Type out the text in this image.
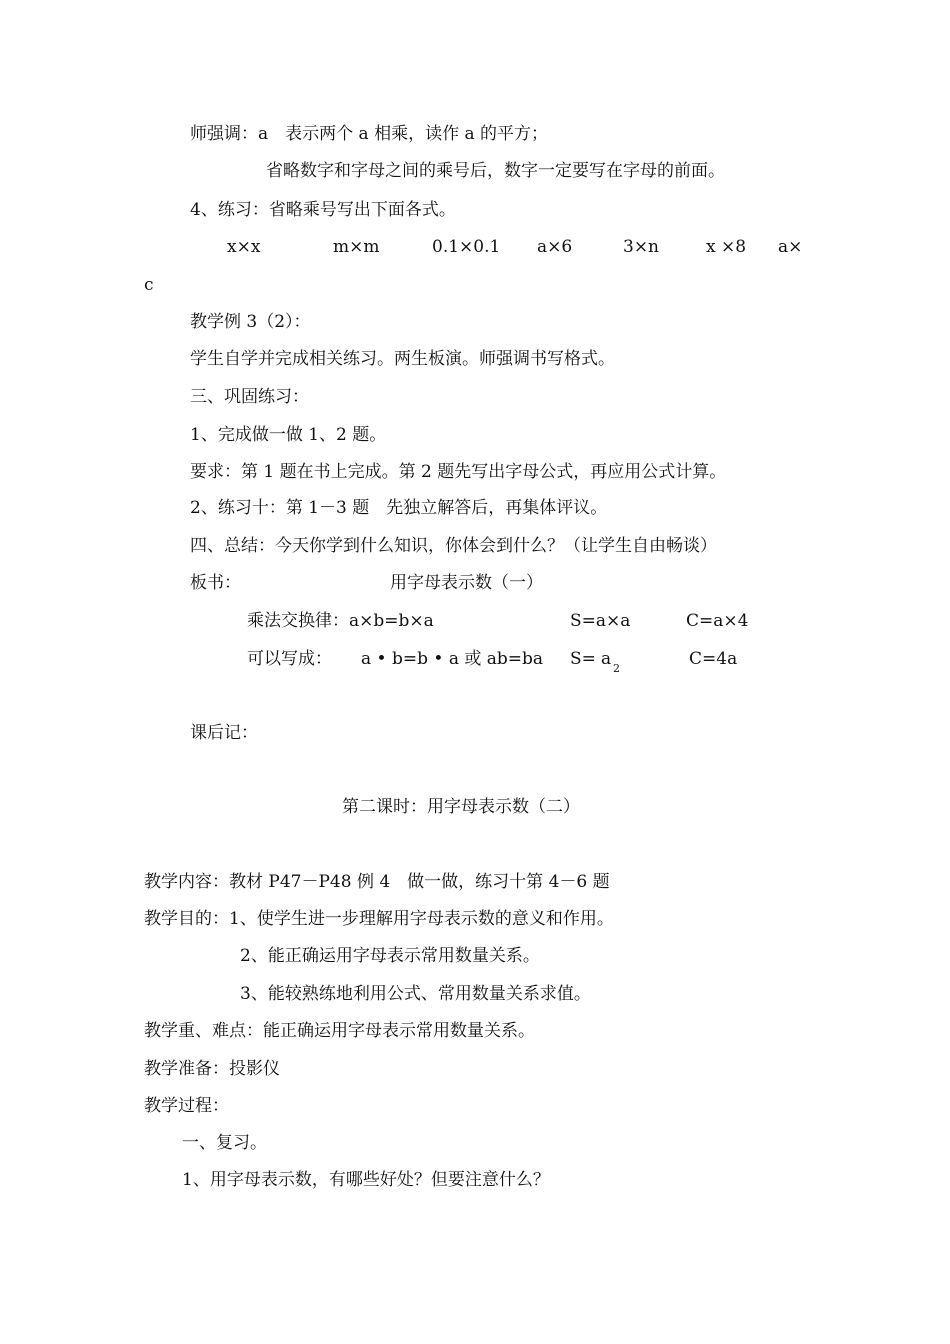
师强调：a　表示两个 a 相乘，读作 a 的平方；
省略数字和字母之间的乘号后，数字一定要写在字母的前面。
4、练习：省略乘号写出下面各式。
x×x	m×m	0.1×0.1 a×6	3×n	x ×8 a×
c
教学例 3（2）：
学生自学并完成相关练习。两生板演。师强调书写格式。
三、巩固练习：
1、完成做一做 1、2 题。
要求：第 1 题在书上完成。第 2 题先写出字母公式，再应用公式计算。
2、练习十：第 1－3 题　先独立解答后，再集体评议。
四、总结：今天你学到什么知识，你体会到什么？（让学生自由畅谈）
板书：	用字母表示数（一）
乘法交换律：a×b=b×a	S=a×a	C=a×4
可以写成： a • b=b • a 或 ab=ba S= a 2	C=4a
课后记：
第二课时：用字母表示数（二）
教学内容：教材 P47－P48 例 4　做一做，练习十第 4－6 题
教学目的：1、使学生进一步理解用字母表示数的意义和作用。
2、能正确运用字母表示常用数量关系。
3、能较熟练地利用公式、常用数量关系求值。
教学重、难点：能正确运用字母表示常用数量关系。
教学准备：投影仪
教学过程：
一、复习。
1、用字母表示数，有哪些好处？但要注意什么？
